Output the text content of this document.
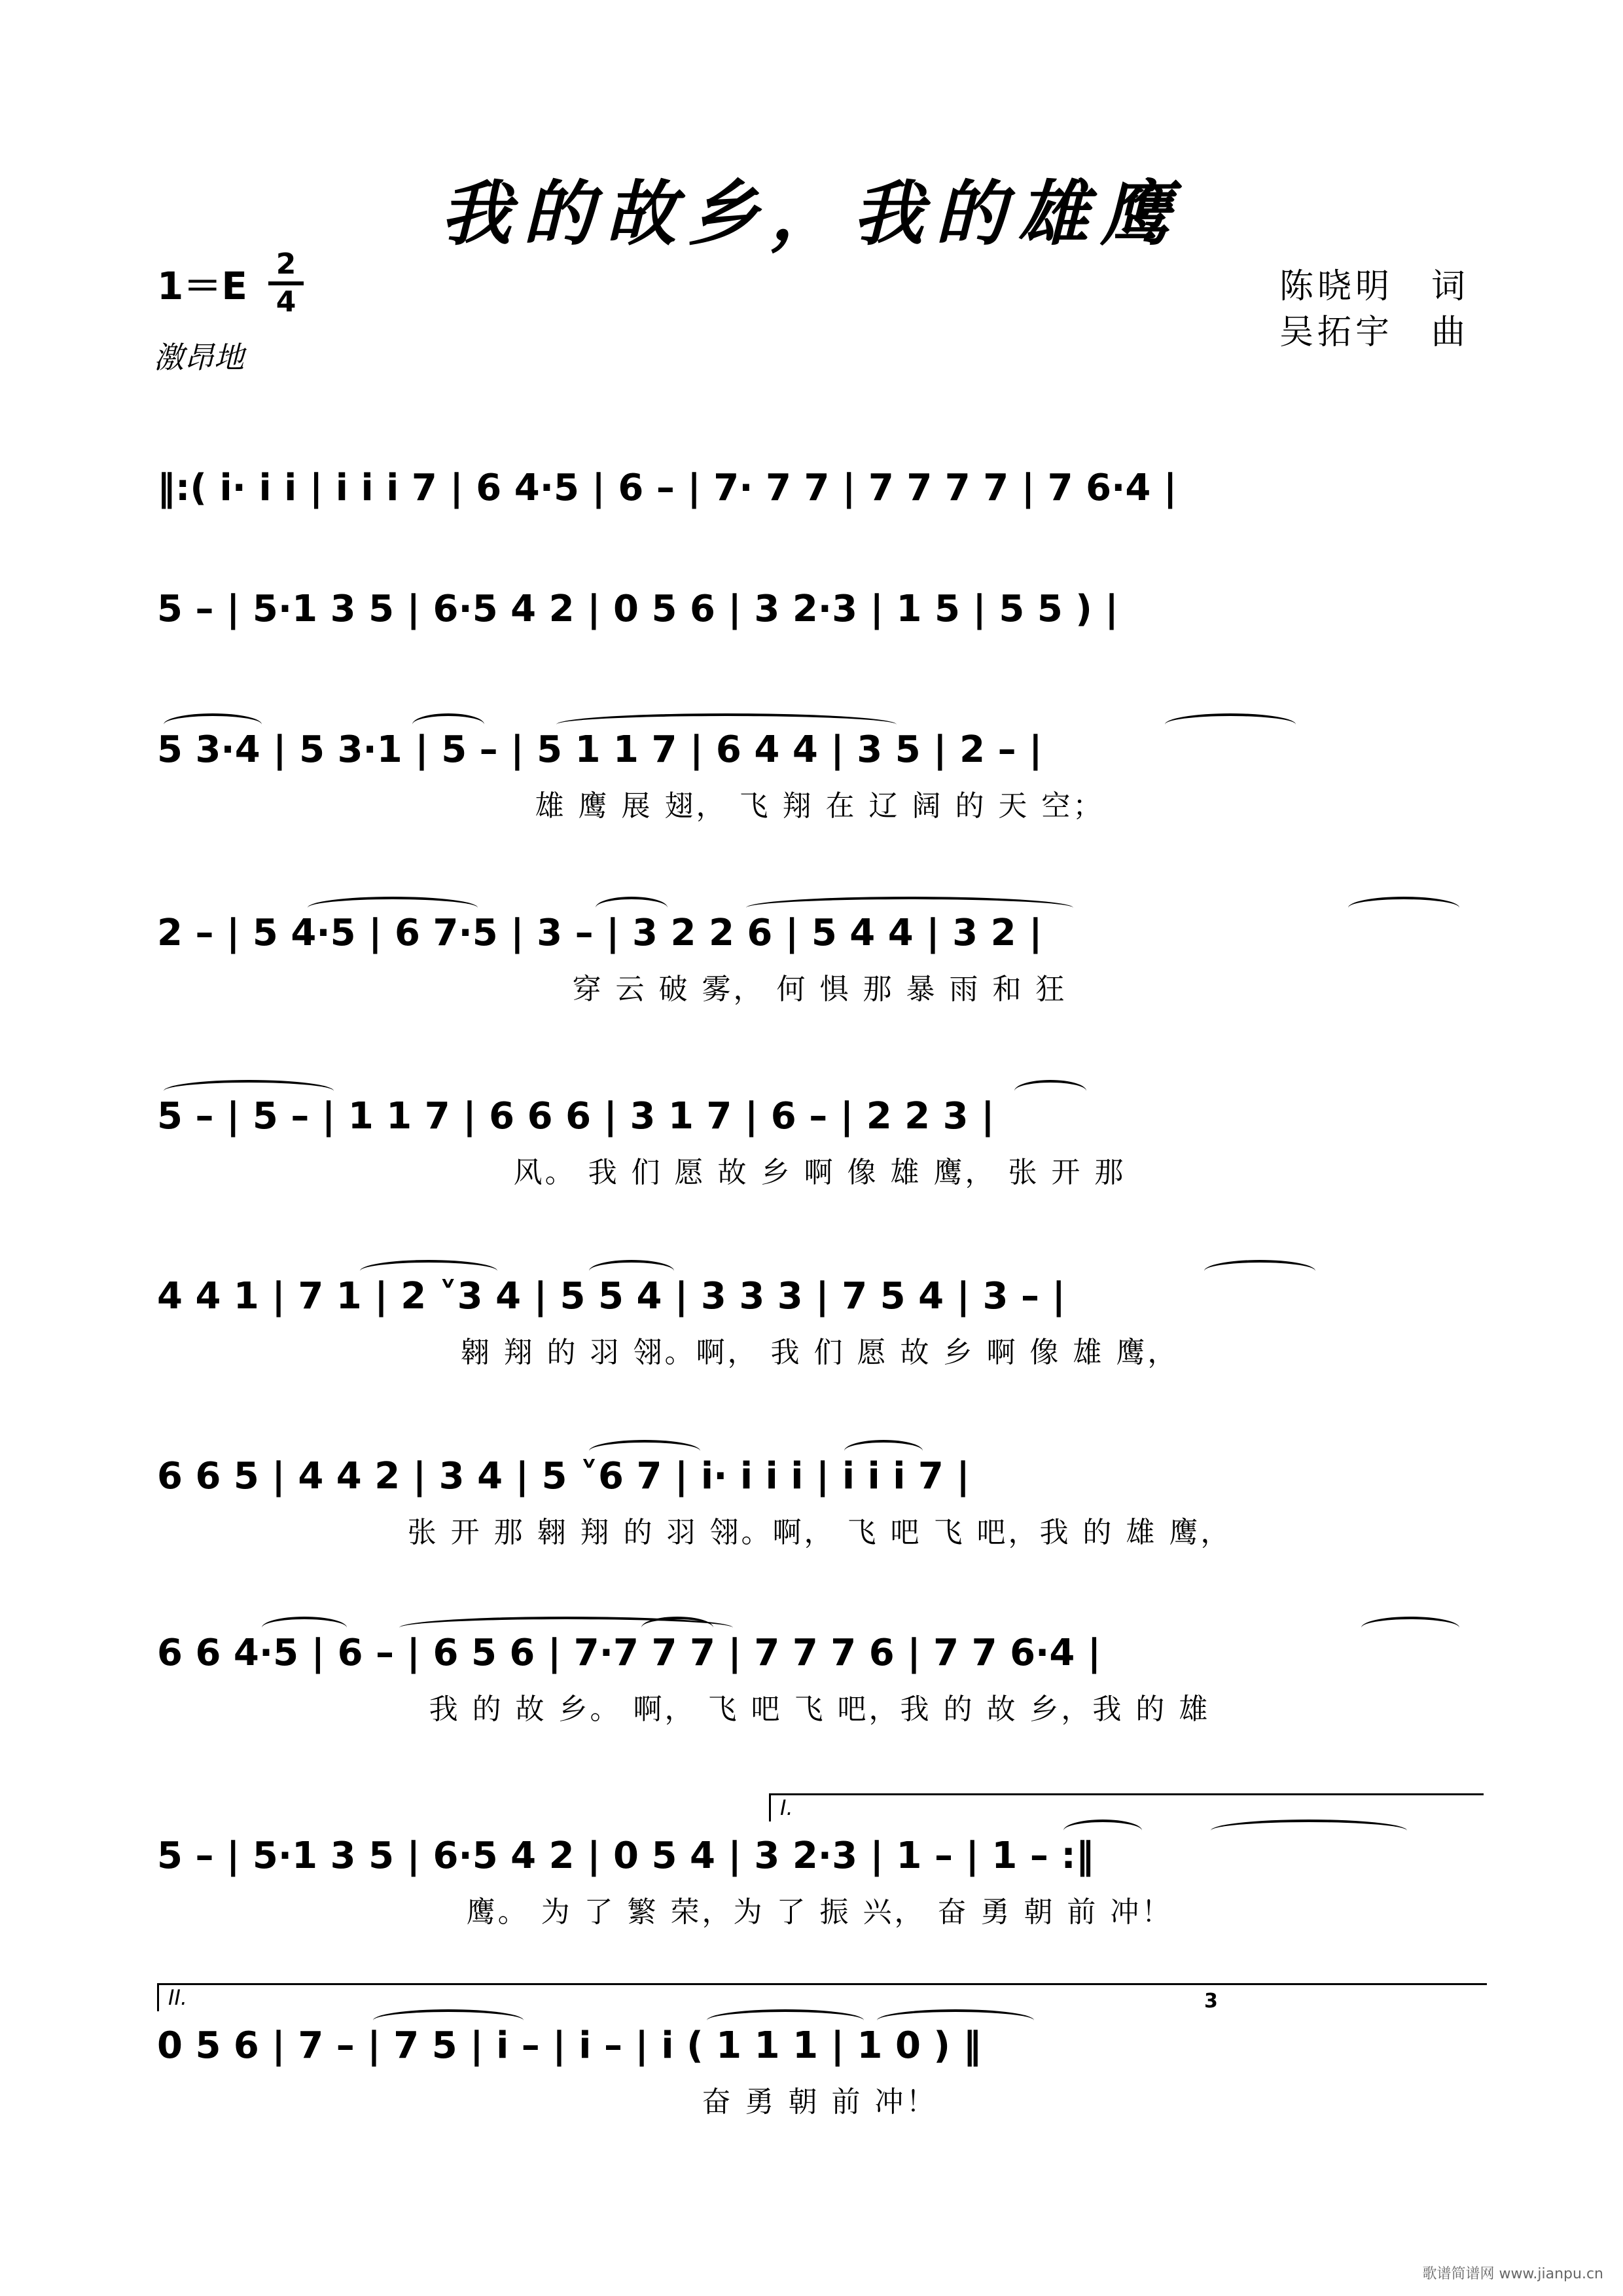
我的故乡，我的雄鹰
1＝E 2
4
激昂地
陈晓明　词
吴拓宇　曲
‖:( i· i i | i i i 7 | 6 4·5 | 6 – | 7· 7 7 | 7 7 7 7 | 7 6·4 |
5 – | 5·1 3 5 | 6·5 4 2 | 0 5 6 | 3 2·3 | 1 5 | 5 5 ) |
5 3·4 | 5 3·1 | 5 – | 5 1 1 7 | 6 4 4 | 3 5 | 2 – |
雄 鹰 展 翅， 飞 翔 在 辽 阔 的 天 空；
2 – | 5 4·5 | 6 7·5 | 3 – | 3 2 2 6 | 5 4 4 | 3 2 |
穿 云 破 雾， 何 惧 那 暴 雨 和 狂
5 – | 5 – | 1 1 7 | 6 6 6 | 3 1 7 | 6 – | 2 2 3 |
风。 我 们 愿 故 乡 啊 像 雄 鹰， 张 开 那
4 4 1 | 7 1 | 2 ˅3 4 | 5 5 4 | 3 3 3 | 7 5 4 | 3 – |
翱 翔 的 羽 翎。啊， 我 们 愿 故 乡 啊 像 雄 鹰，
6 6 5 | 4 4 2 | 3 4 | 5 ˅6 7 | i· i i i | i i i 7 |
张 开 那 翱 翔 的 羽 翎。啊， 飞 吧 飞 吧，我 的 雄 鹰，
6 6 4·5 | 6 – | 6 5 6 | 7·7 7 7 | 7 7 7 6 | 7 7 6·4 |
我 的 故 乡。 啊， 飞 吧 飞 吧，我 的 故 乡，我 的 雄
I.
5 – | 5·1 3 5 | 6·5 4 2 | 0 5 4 | 3 2·3 | 1 – | 1 – :‖
鹰。 为 了 繁 荣，为 了 振 兴， 奋 勇 朝 前 冲！
II.	3
0 5 6 | 7 – | 7 5 | i – | i – | i ( 1 1 1 | 1 0 ) ‖
奋 勇 朝 前 冲！
歌谱简谱网 www.jianpu.cn
